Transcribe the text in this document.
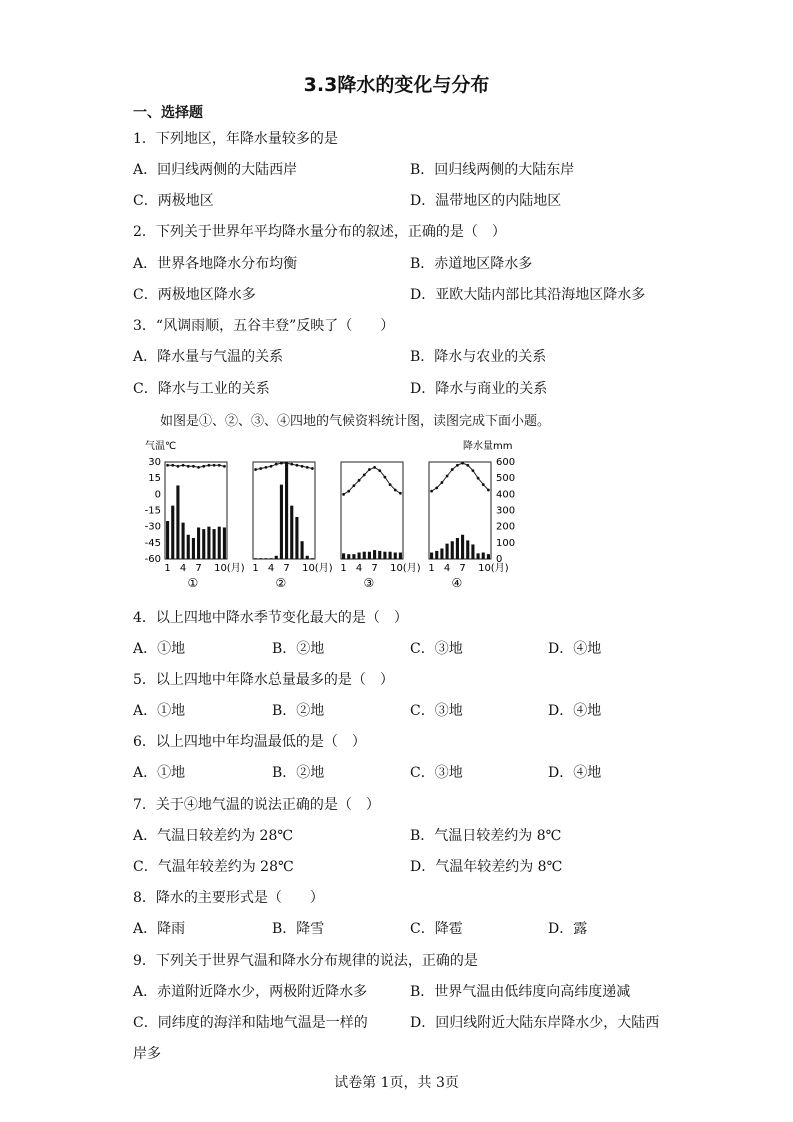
3.3降水的变化与分布
一、选择题
1．下列地区，年降水量较多的是
A．回归线两侧的大陆西岸	B．回归线两侧的大陆东岸
C．两极地区	D．温带地区的内陆地区
2．下列关于世界年平均降水量分布的叙述，正确的是（　）
A．世界各地降水分布均衡	B．赤道地区降水多
C．两极地区降水多	D．亚欧大陆内部比其沿海地区降水多
3．“风调雨顺，五谷丰登”反映了（　　）
A．降水量与气温的关系	B．降水与农业的关系
C．降水与工业的关系	D．降水与商业的关系
如图是①、②、③、④四地的气候资料统计图，读图完成下面小题。
气温℃	降水量mm
30
15
0
-15
-30
-45
-60
600
500
400
300
200
100
0
1 4 7 10(月)
①
1 4 7 10(月)
②
1 4 7 10(月)
③
1 4 7 10(月)
④
4．以上四地中降水季节变化最大的是（　）
A．①地	B．②地	C．③地	D．④地
5．以上四地中年降水总量最多的是（　）
A．①地	B．②地	C．③地	D．④地
6．以上四地中年均温最低的是（　）
A．①地	B．②地	C．③地	D．④地
7．关于④地气温的说法正确的是（　）
A．气温日较差约为 28℃	B．气温日较差约为 8℃
C．气温年较差约为 28℃	D．气温年较差约为 8℃
8．降水的主要形式是（　　）
A．降雨	B．降雪	C．降雹	D．露
9．下列关于世界气温和降水分布规律的说法，正确的是
A．赤道附近降水少，两极附近降水多	B．世界气温由低纬度向高纬度递减
C．同纬度的海洋和陆地气温是一样的	D．回归线附近大陆东岸降水少，大陆西
岸多
试卷第 1页，共 3页
